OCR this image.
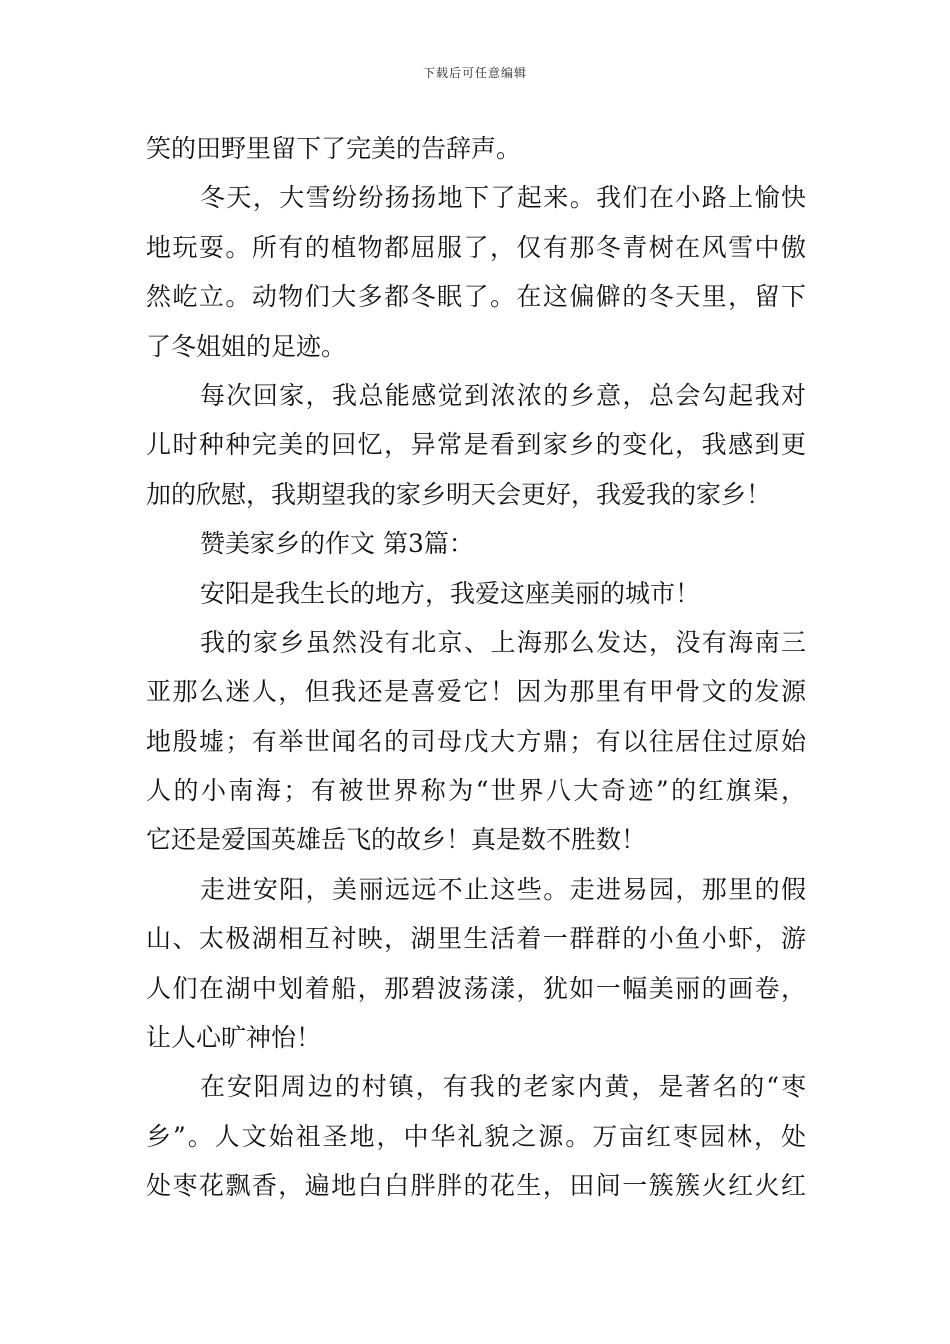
下载后可任意编辑
笑的田野里留下了完美的告辞声。
冬天，大雪纷纷扬扬地下了起来。我们在小路上愉快
地玩耍。所有的植物都屈服了，仅有那冬青树在风雪中傲
然屹立。动物们大多都冬眠了。在这偏僻的冬天里，留下
了冬姐姐的足迹。
每次回家，我总能感觉到浓浓的乡意，总会勾起我对
儿时种种完美的回忆，异常是看到家乡的变化，我感到更
加的欣慰，我期望我的家乡明天会更好，我爱我的家乡！
赞美家乡的作文 第3篇：
安阳是我生长的地方，我爱这座美丽的城市！
我的家乡虽然没有北京、上海那么发达，没有海南三
亚那么迷人，但我还是喜爱它！因为那里有甲骨文的发源
地殷墟；有举世闻名的司母戊大方鼎；有以往居住过原始
人的小南海；有被世界称为“世界八大奇迹”的红旗渠，
它还是爱国英雄岳飞的故乡！真是数不胜数！
走进安阳，美丽远远不止这些。走进易园，那里的假
山、太极湖相互衬映，湖里生活着一群群的小鱼小虾，游
人们在湖中划着船，那碧波荡漾，犹如一幅美丽的画卷，
让人心旷神怡！
在安阳周边的村镇，有我的老家内黄，是著名的“枣
乡”。人文始祖圣地，中华礼貌之源。万亩红枣园林，处
处枣花飘香，遍地白白胖胖的花生，田间一簇簇火红火红
